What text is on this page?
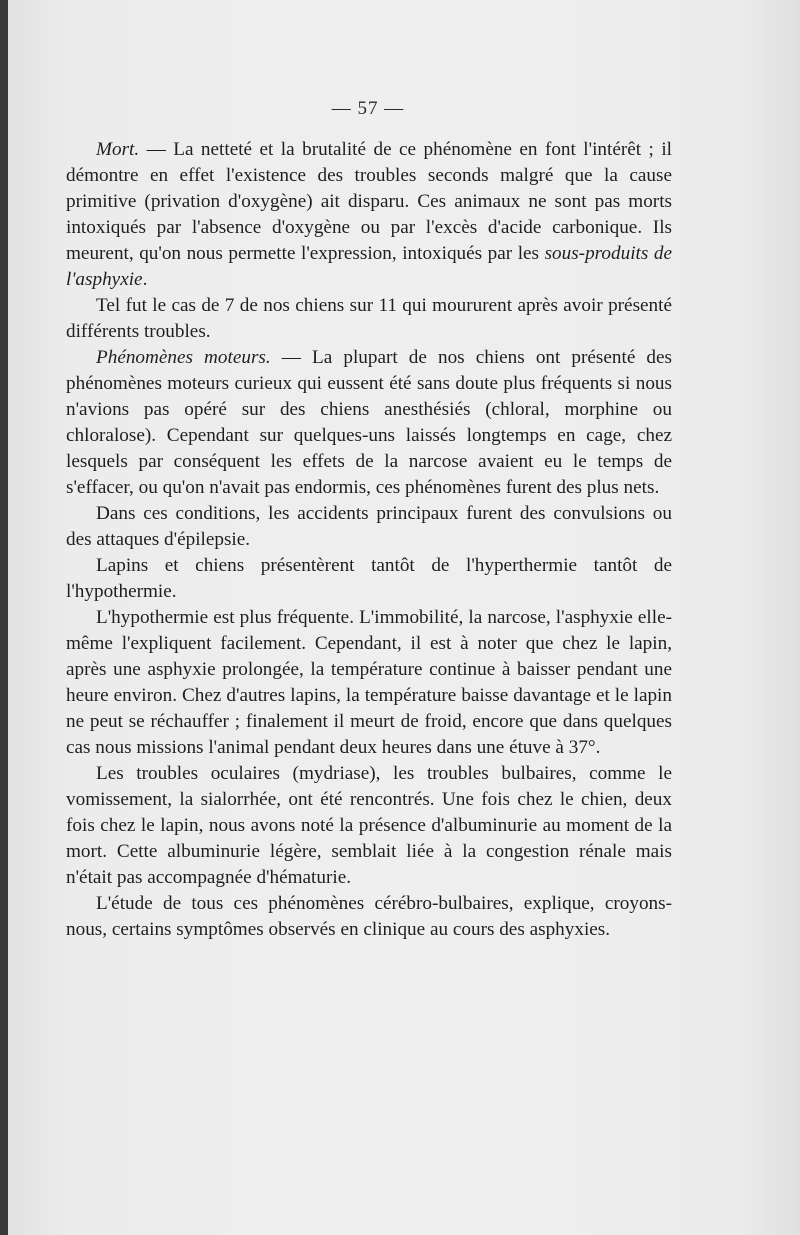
— 57 —

Mort. — La netteté et la brutalité de ce phénomène en font l'intérêt ; il démontre en effet l'existence des troubles seconds malgré que la cause primitive (privation d'oxygène) ait disparu. Ces animaux ne sont pas morts intoxiqués par l'absence d'oxygène ou par l'excès d'acide carbonique. Ils meurent, qu'on nous permette l'expression, intoxiqués par les sous-produits de l'asphyxie.

Tel fut le cas de 7 de nos chiens sur 11 qui moururent après avoir présenté différents troubles.

Phénomènes moteurs. — La plupart de nos chiens ont présenté des phénomènes moteurs curieux qui eussent été sans doute plus fréquents si nous n'avions pas opéré sur des chiens anesthésiés (chloral, morphine ou chloralose). Cependant sur quelques-uns laissés longtemps en cage, chez lesquels par conséquent les effets de la narcose avaient eu le temps de s'effacer, ou qu'on n'avait pas endormis, ces phénomènes furent des plus nets.

Dans ces conditions, les accidents principaux furent des convulsions ou des attaques d'épilepsie.

Lapins et chiens présentèrent tantôt de l'hyperthermie tantôt de l'hypothermie.

L'hypothermie est plus fréquente. L'immobilité, la narcose, l'asphyxie elle-même l'expliquent facilement. Cependant, il est à noter que chez le lapin, après une asphyxie prolongée, la température continue à baisser pendant une heure environ. Chez d'autres lapins, la température baisse davantage et le lapin ne peut se réchauffer ; finalement il meurt de froid, encore que dans quelques cas nous missions l'animal pendant deux heures dans une étuve à 37°.

Les troubles oculaires (mydriase), les troubles bulbaires, comme le vomissement, la sialorrhée, ont été rencontrés. Une fois chez le chien, deux fois chez le lapin, nous avons noté la présence d'albuminurie au moment de la mort. Cette albuminurie légère, semblait liée à la congestion rénale mais n'était pas accompagnée d'hématurie.

L'étude de tous ces phénomènes cérébro-bulbaires, explique, croyons-nous, certains symptômes observés en clinique au cours des asphyxies.
